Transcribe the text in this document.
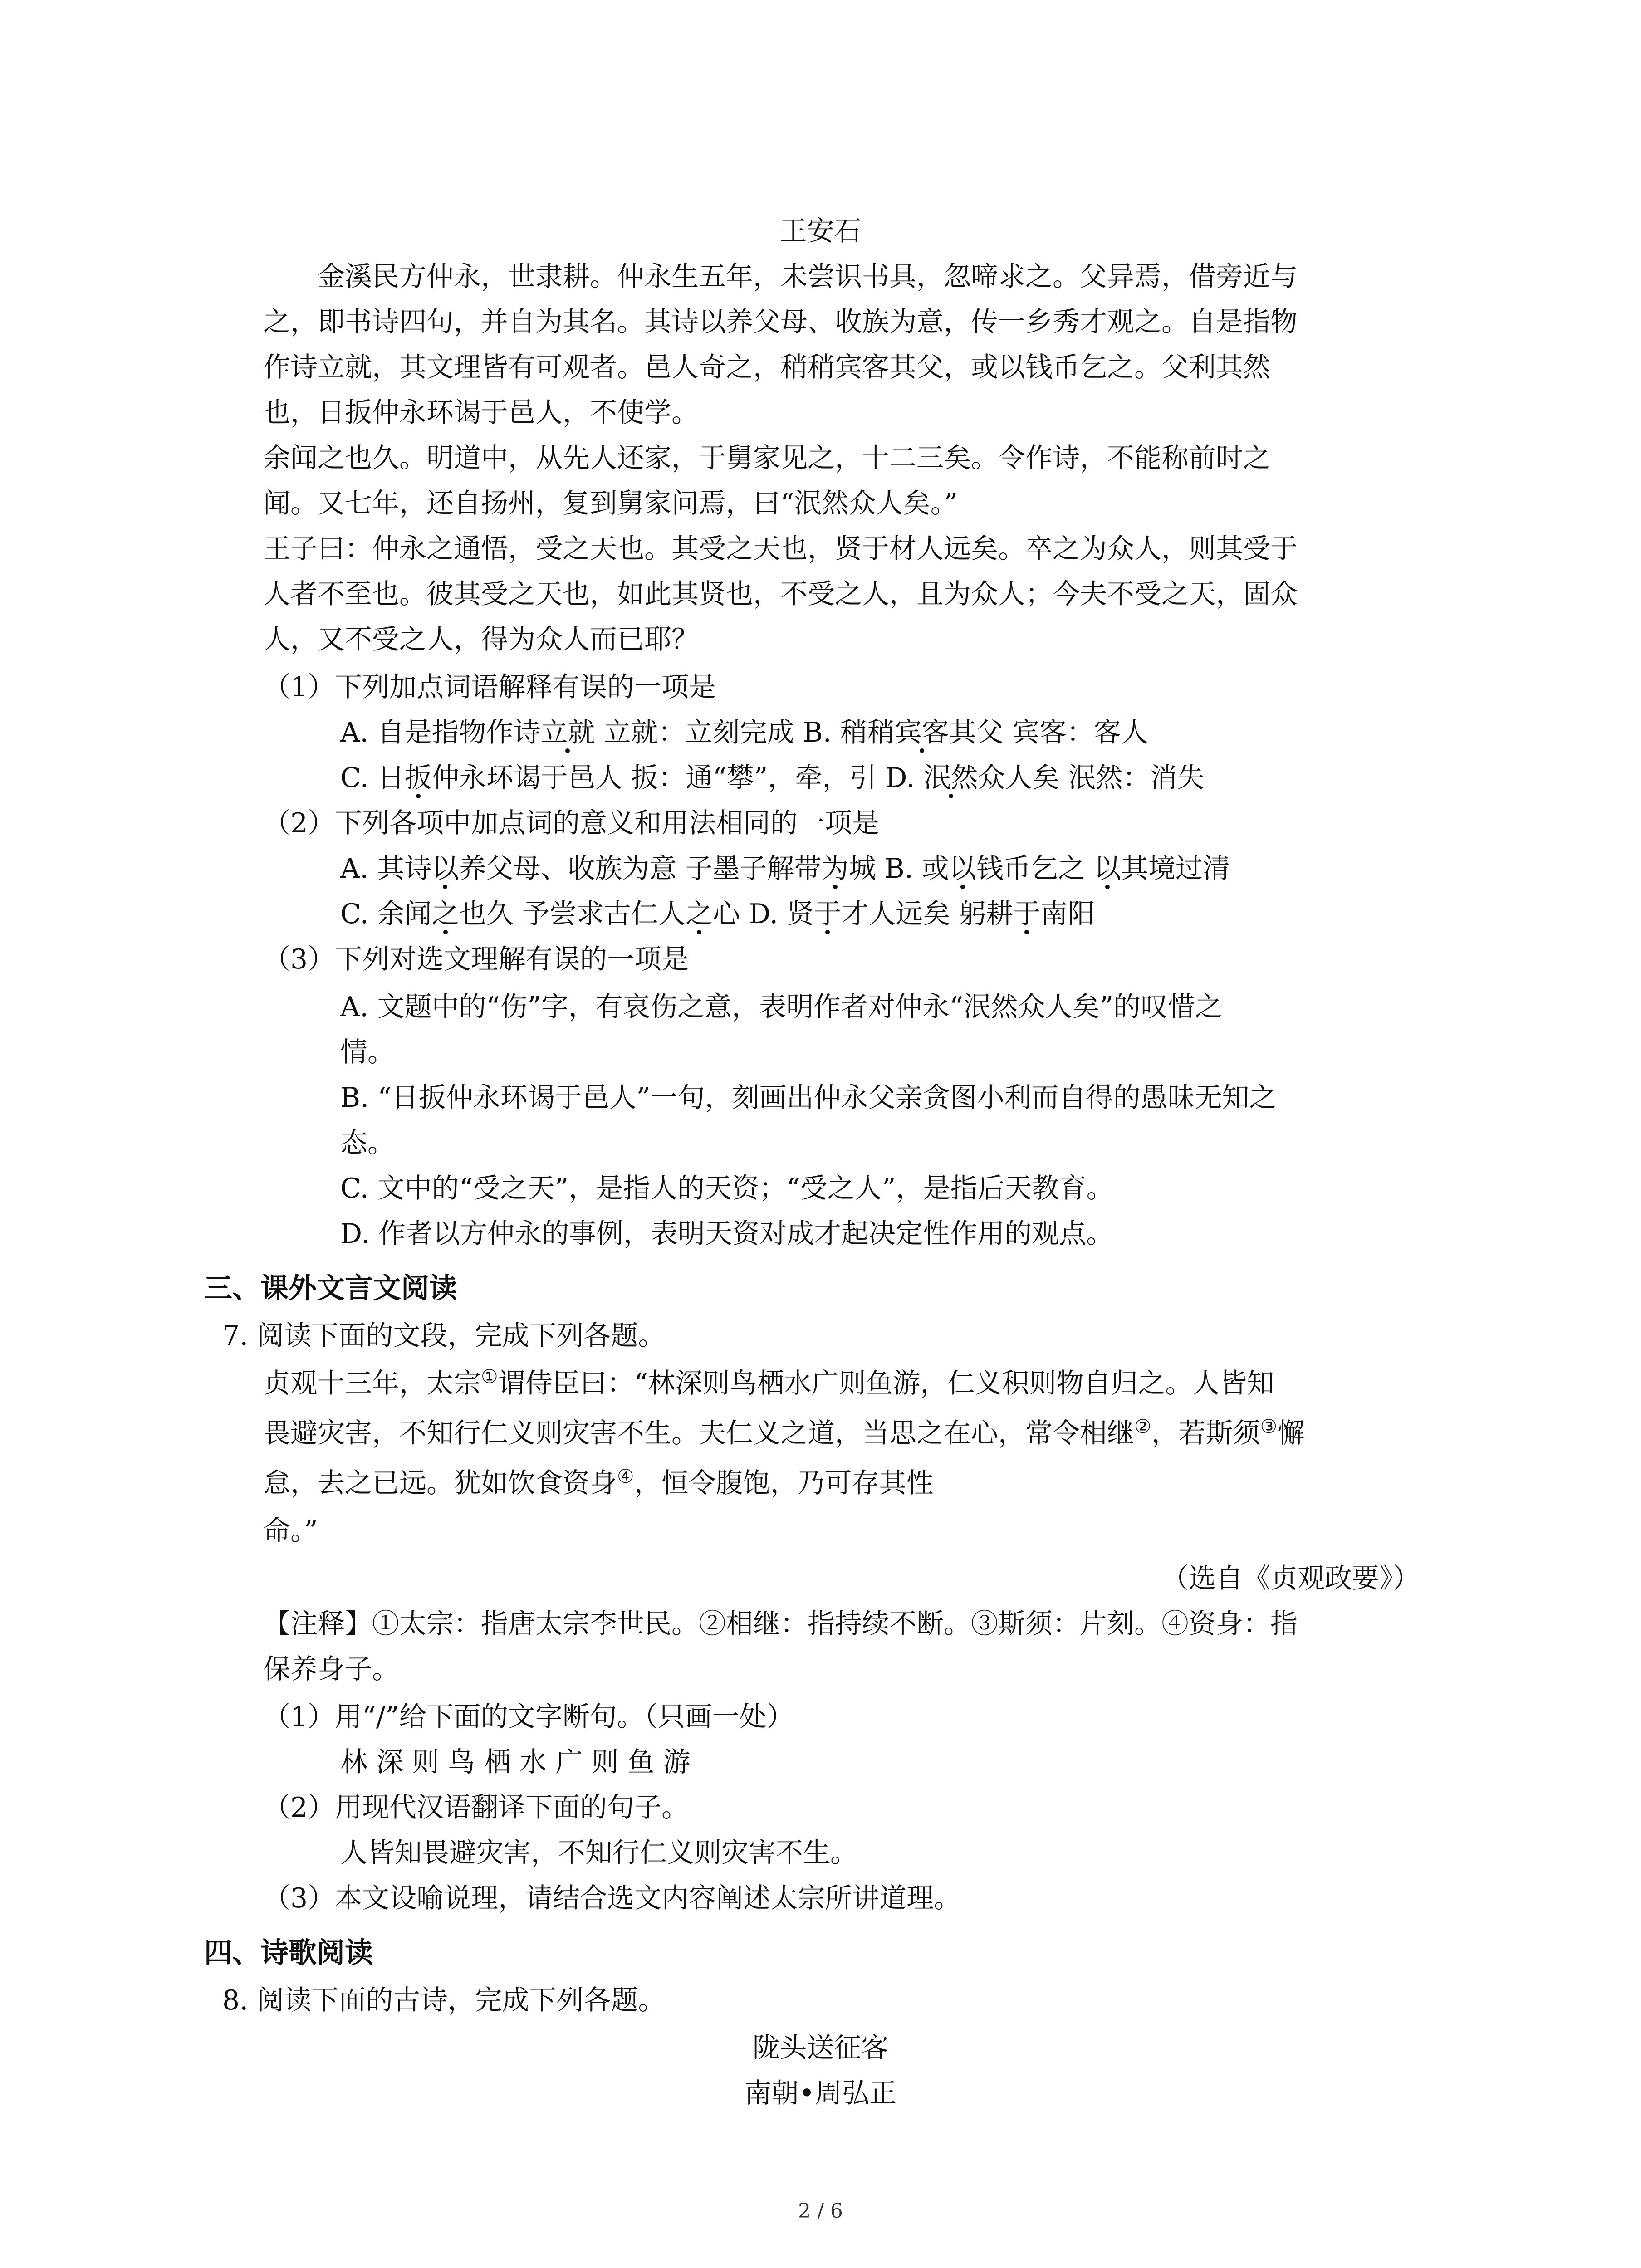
王安石
金溪民方仲永，世隶耕。仲永生五年，未尝识书具，忽啼求之。父异焉，借旁近与
之，即书诗四句，并自为其名。其诗以养父母、收族为意，传一乡秀才观之。自是指物
作诗立就，其文理皆有可观者。邑人奇之，稍稍宾客其父，或以钱币乞之。父利其然
也，日扳仲永环谒于邑人，不使学。
余闻之也久。明道中，从先人还家，于舅家见之，十二三矣。令作诗，不能称前时之
闻。又七年，还自扬州，复到舅家问焉，曰“泯然众人矣。”
王子曰：仲永之通悟，受之天也。其受之天也，贤于材人远矣。卒之为众人，则其受于
人者不至也。彼其受之天也，如此其贤也，不受之人，且为众人；今夫不受之天，固众
人，又不受之人，得为众人而已耶？
（1）下列加点词语解释有误的一项是
A. 自是指物作诗立就 立就：立刻完成 B. 稍稍宾客其父 宾客：客人
C. 日扳仲永环谒于邑人 扳：通“攀”，牵，引 D. 泯然众人矣 泯然：消失
（2）下列各项中加点词的意义和用法相同的一项是
A. 其诗以养父母、收族为意 子墨子解带为城 B. 或以钱币乞之 以其境过清
C. 余闻之也久 予尝求古仁人之心 D. 贤于才人远矣 躬耕于南阳
（3）下列对选文理解有误的一项是
A. 文题中的“伤”字，有哀伤之意，表明作者对仲永“泯然众人矣”的叹惜之
情。
B. “日扳仲永环谒于邑人”一句，刻画出仲永父亲贪图小利而自得的愚昧无知之
态。
C. 文中的“受之天”，是指人的天资；“受之人”，是指后天教育。
D. 作者以方仲永的事例，表明天资对成才起决定性作用的观点。
三、课外文言文阅读
7. 阅读下面的文段，完成下列各题。
贞观十三年，太宗①谓侍臣曰：“林深则鸟栖水广则鱼游，仁义积则物自归之。人皆知
畏避灾害，不知行仁义则灾害不生。夫仁义之道，当思之在心，常令相继②，若斯须③懈
怠，去之已远。犹如饮食资身④，恒令腹饱，乃可存其性
命。”
（选自《贞观政要》）
【注释】①太宗：指唐太宗李世民。②相继：指持续不断。③斯须：片刻。④资身：指
保养身子。
（1）用“/”给下面的文字断句。（只画一处）
林 深 则 鸟 栖 水 广 则 鱼 游
（2）用现代汉语翻译下面的句子。
人皆知畏避灾害，不知行仁义则灾害不生。
（3）本文设喻说理，请结合选文内容阐述太宗所讲道理。
四、诗歌阅读
8. 阅读下面的古诗，完成下列各题。
陇头送征客
南朝•周弘正
2 / 6
